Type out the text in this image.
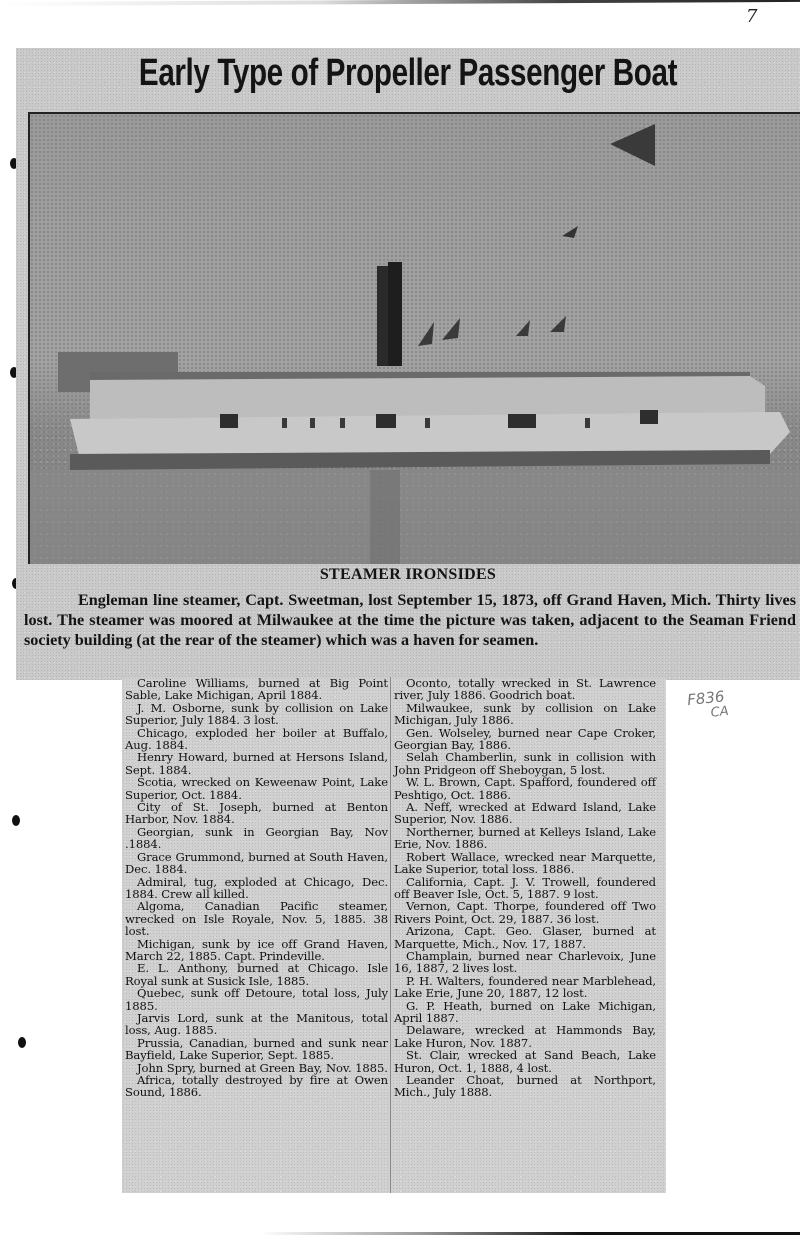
7
Early Type of Propeller Passenger Boat
STEAMER IRONSIDES
Engleman line steamer, Capt. Sweetman, lost September 15, 1873, off Grand Haven, Mich. Thirty lives lost. The steamer was moored at Milwaukee at the time the picture was taken, adjacent to the Seaman Friend society building (at the rear of the steamer) which was a haven for seamen.

Caroline Williams, burned at Big Point Sable, Lake Michigan, April 1884.

J. M. Osborne, sunk by collision on Lake Superior, July 1884. 3 lost.

Chicago, exploded her boiler at Buffalo, Aug. 1884.

Henry Howard, burned at Hersons Island, Sept. 1884.

Scotia, wrecked on Keweenaw Point, Lake Superior, Oct. 1884.

City of St. Joseph, burned at Benton Harbor, Nov. 1884.

Georgian, sunk in Georgian Bay, Nov .1884.

Grace Grummond, burned at South Haven, Dec. 1884.

Admiral, tug, exploded at Chicago, Dec. 1884. Crew all killed.

Algoma, Canadian Pacific steamer, wrecked on Isle Royale, Nov. 5, 1885. 38 lost.

Michigan, sunk by ice off Grand Haven, March 22, 1885. Capt. Prindeville.

E. L. Anthony, burned at Chicago. Isle Royal sunk at Susick Isle, 1885.

Quebec, sunk off Detoure, total loss, July 1885.

Jarvis Lord, sunk at the Manitous, total loss, Aug. 1885.

Prussia, Canadian, burned and sunk near Bayfield, Lake Superior, Sept. 1885.

John Spry, burned at Green Bay, Nov. 1885.

Africa, totally destroyed by fire at Owen Sound, 1886.

Oconto, totally wrecked in St. Lawrence river, July 1886. Goodrich boat.

Milwaukee, sunk by collision on Lake Michigan, July 1886.

Gen. Wolseley, burned near Cape Croker, Georgian Bay, 1886.

Selah Chamberlin, sunk in collision with John Pridgeon off Sheboygan, 5 lost.

W. L. Brown, Capt. Spafford, foundered off Peshtigo, Oct. 1886.

A. Neff, wrecked at Edward Island, Lake Superior, Nov. 1886.

Northerner, burned at Kelleys Island, Lake Erie, Nov. 1886.

Robert Wallace, wrecked near Marquette, Lake Superior, total loss. 1886.

California, Capt. J. V. Trowell, foundered off Beaver Isle, Oct. 5, 1887. 9 lost.

Vernon, Capt. Thorpe, foundered off Two Rivers Point, Oct. 29, 1887. 36 lost.

Arizona, Capt. Geo. Glaser, burned at Marquette, Mich., Nov. 17, 1887.

Champlain, burned near Charlevoix, June 16, 1887, 2 lives lost.

P. H. Walters, foundered near Marblehead, Lake Erie, June 20, 1887, 12 lost.

G. P. Heath, burned on Lake Michigan, April 1887.

Delaware, wrecked at Hammonds Bay, Lake Huron, Nov. 1887.

St. Clair, wrecked at Sand Beach, Lake Huron, Oct. 1, 1888, 4 lost.

Leander Choat, burned at Northport, Mich., July 1888.

F836
CA
